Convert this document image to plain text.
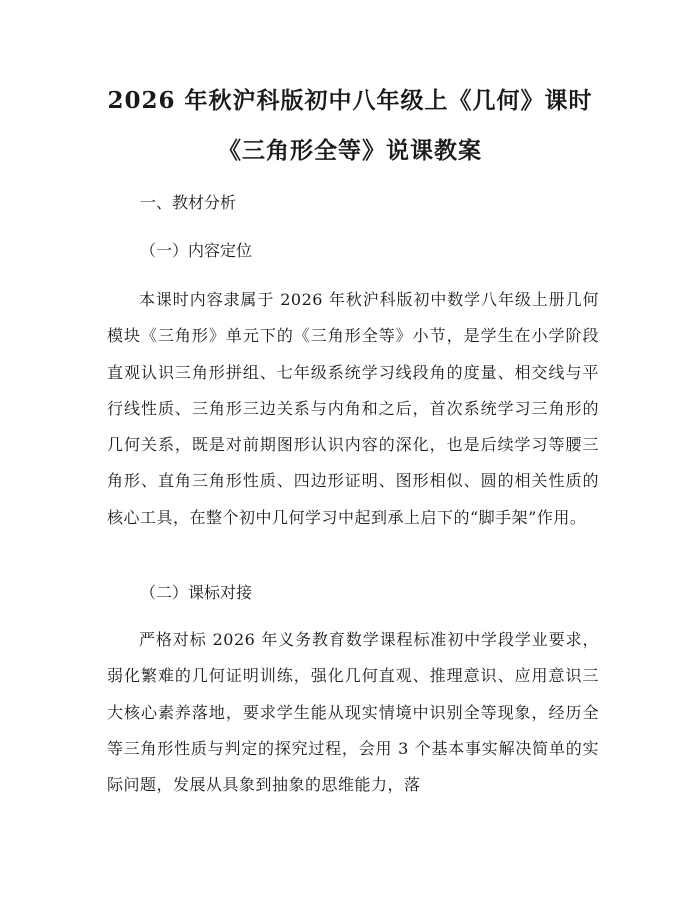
2026 年秋沪科版初中八年级上《几何》课时
《三角形全等》说课教案
一、教材分析
（一）内容定位

本课时内容隶属于 2026 年秋沪科版初中数学八年级上册几何模块《三角形》单元下的《三角形全等》小节，是学生在小学阶段直观认识三角形拼组、七年级系统学习线段角的度量、相交线与平行线性质、三角形三边关系与内角和之后，首次系统学习三角形的几何关系，既是对前期图形认识内容的深化，也是后续学习等腰三角形、直角三角形性质、四边形证明、图形相似、圆的相关性质的核心工具，在整个初中几何学习中起到承上启下的“脚手架”作用。

（二）课标对接

严格对标 2026 年义务教育数学课程标准初中学段学业要求，弱化繁难的几何证明训练，强化几何直观、推理意识、应用意识三大核心素养落地，要求学生能从现实情境中识别全等现象，经历全等三角形性质与判定的探究过程，会用 3 个基本事实解决简单的实际问题，发展从具象到抽象的思维能力，落
